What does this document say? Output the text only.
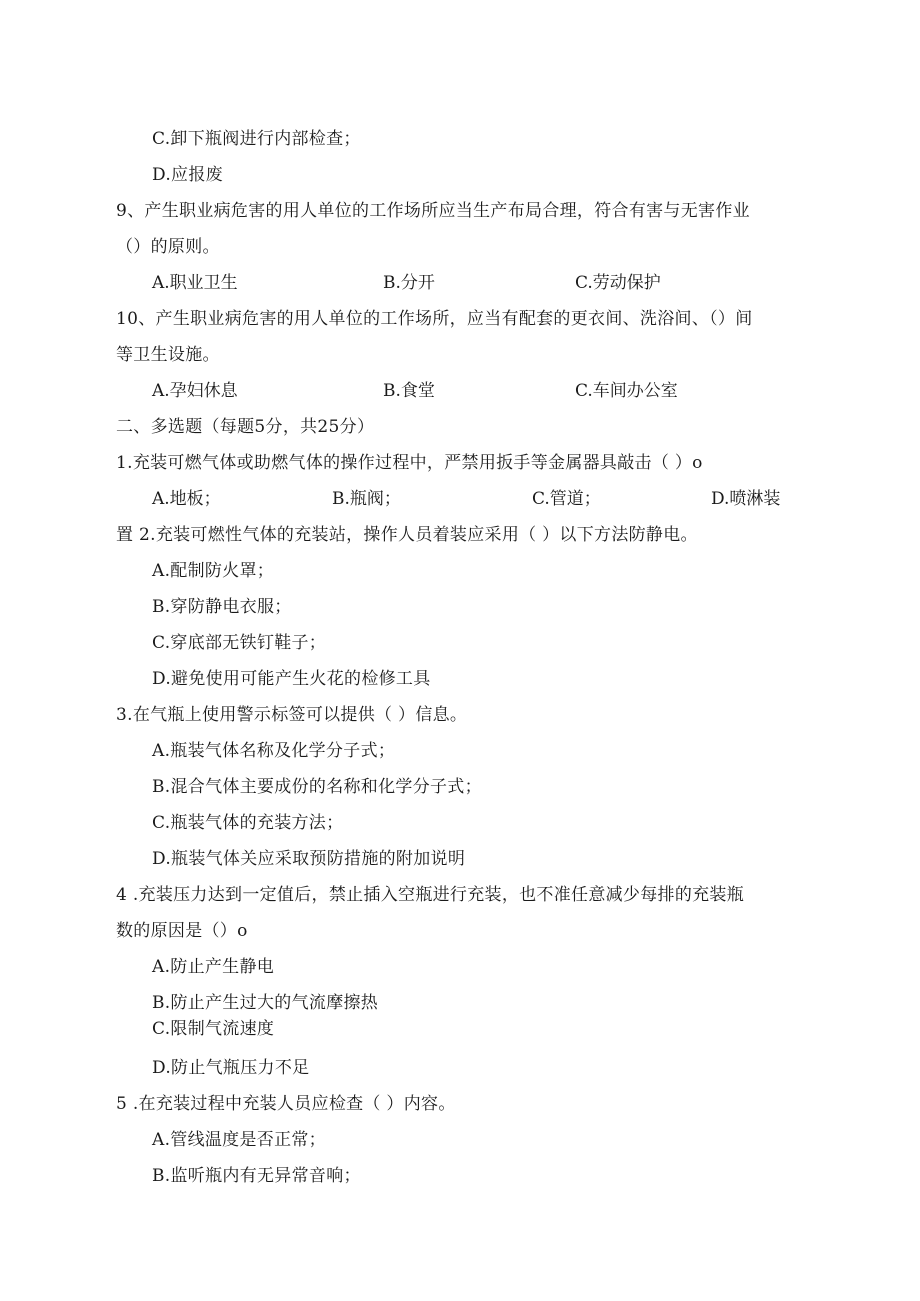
C.卸下瓶阀进行内部检查；
D.应报废
9、产生职业病危害的用人单位的工作场所应当生产布局合理，符合有害与无害作业
（）的原则。
A.职业卫生	B.分开	C.劳动保护
10、产生职业病危害的用人单位的工作场所，应当有配套的更衣间、洗浴间、（）间
等卫生设施。
A.孕妇休息	B.食堂	C.车间办公室
二、多选题（每题5分，共25分）
1.充装可燃气体或助燃气体的操作过程中，严禁用扳手等金属器具敲击（ ）o
A.地板；	B.瓶阀；	C.管道；	D.喷淋装
置 2.充装可燃性气体的充装站，操作人员着装应采用（ ）以下方法防静电。
A.配制防火罩；
B.穿防静电衣服；
C.穿底部无铁钉鞋子；
D.避免使用可能产生火花的检修工具
3.在气瓶上使用警示标签可以提供（ ）信息。
A.瓶装气体名称及化学分子式；
B.混合气体主要成份的名称和化学分子式；
C.瓶装气体的充装方法；
D.瓶装气体关应采取预防措施的附加说明
4 .充装压力达到一定值后，禁止插入空瓶进行充装，也不准任意减少每排的充装瓶
数的原因是（）o
A.防止产生静电
B.防止产生过大的气流摩擦热
C.限制气流速度
D.防止气瓶压力不足
5 .在充装过程中充装人员应检查（ ）内容。
A.管线温度是否正常；
B.监听瓶内有无异常音响；
